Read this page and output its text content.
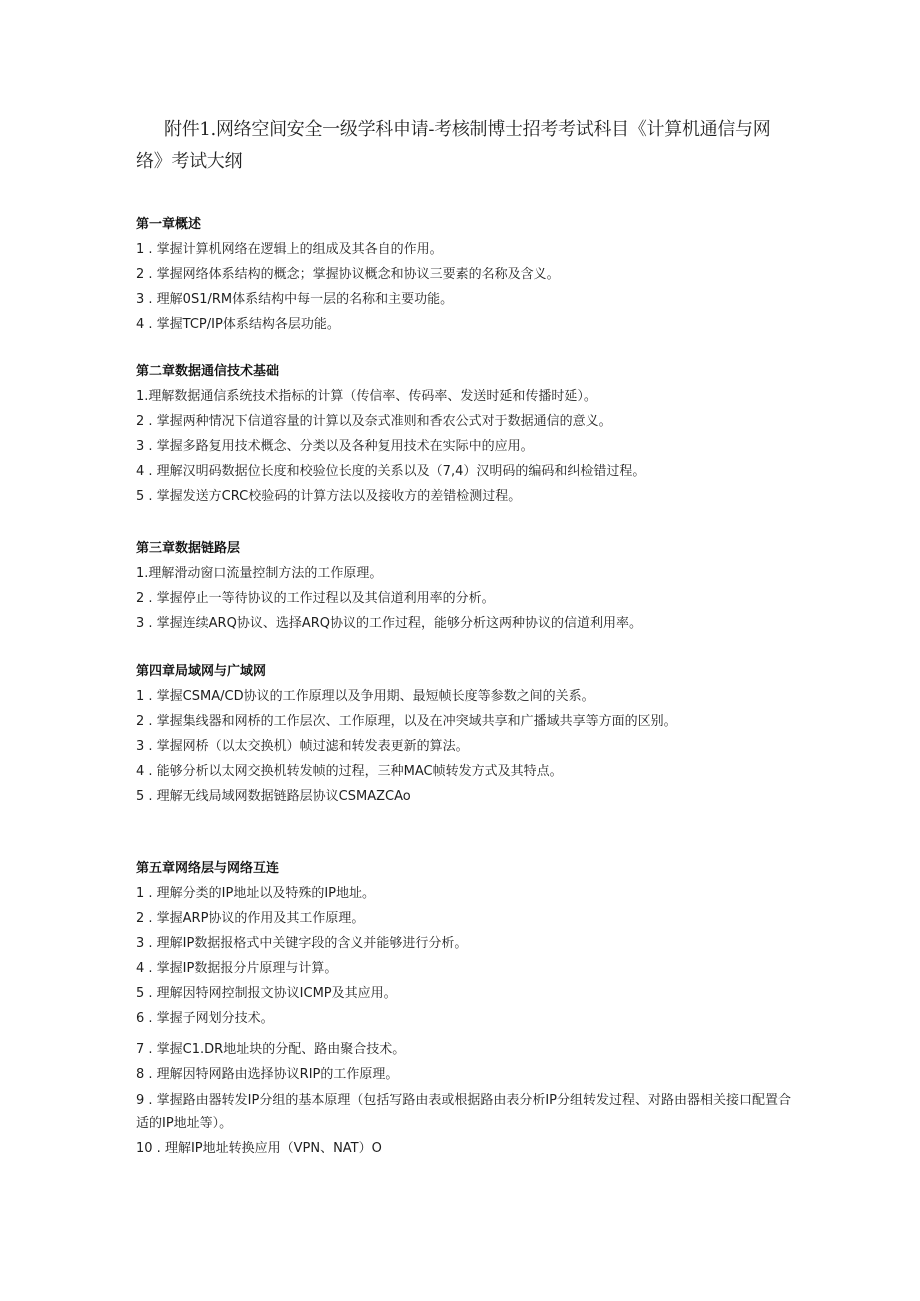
附件1.网络空间安全一级学科申请-考核制博士招考考试科目《计算机通信与网络》考试大纲

第一章概述

1 . 掌握计算机网络在逻辑上的组成及其各自的作用。

2 . 掌握网络体系结构的概念；掌握协议概念和协议三要素的名称及含义。

3 . 理解0S1/RM体系结构中每一层的名称和主要功能。

4 . 掌握TCP/IP体系结构各层功能。

第二章数据通信技术基础

1.理解数据通信系统技术指标的计算（传信率、传码率、发送时延和传播时延）。

2 . 掌握两种情况下信道容量的计算以及奈式准则和香农公式对于数据通信的意义。

3 . 掌握多路复用技术概念、分类以及各种复用技术在实际中的应用。

4 . 理解汉明码数据位长度和校验位长度的关系以及（7,4）汉明码的编码和纠检错过程。

5 . 掌握发送方CRC校验码的计算方法以及接收方的差错检测过程。

第三章数据链路层

1.理解滑动窗口流量控制方法的工作原理。

2 . 掌握停止一等待协议的工作过程以及其信道利用率的分析。

3 . 掌握连续ARQ协议、选择ARQ协议的工作过程，能够分析这两种协议的信道利用率。

第四章局域网与广域网

1 . 掌握CSMA/CD协议的工作原理以及争用期、最短帧长度等参数之间的关系。

2 . 掌握集线器和网桥的工作层次、工作原理，以及在冲突域共享和广播域共享等方面的区别。

3 . 掌握网桥（以太交换机）帧过滤和转发表更新的算法。

4 . 能够分析以太网交换机转发帧的过程，三种MAC帧转发方式及其特点。

5 . 理解无线局域网数据链路层协议CSMAZCAo

第五章网络层与网络互连

1 . 理解分类的IP地址以及特殊的IP地址。

2 . 掌握ARP协议的作用及其工作原理。

3 . 理解IP数据报格式中关键字段的含义并能够进行分析。

4 . 掌握IP数据报分片原理与计算。

5 . 理解因特网控制报文协议ICMP及其应用。

6 . 掌握子网划分技术。

7 . 掌握C1.DR地址块的分配、路由聚合技术。

8 . 理解因特网路由选择协议RIP的工作原理。

9 . 掌握路由器转发IP分组的基本原理（包括写路由表或根据路由表分析IP分组转发过程、对路由器相关接口配置合适的IP地址等）。

10 . 理解IP地址转换应用（VPN、NAT）O
